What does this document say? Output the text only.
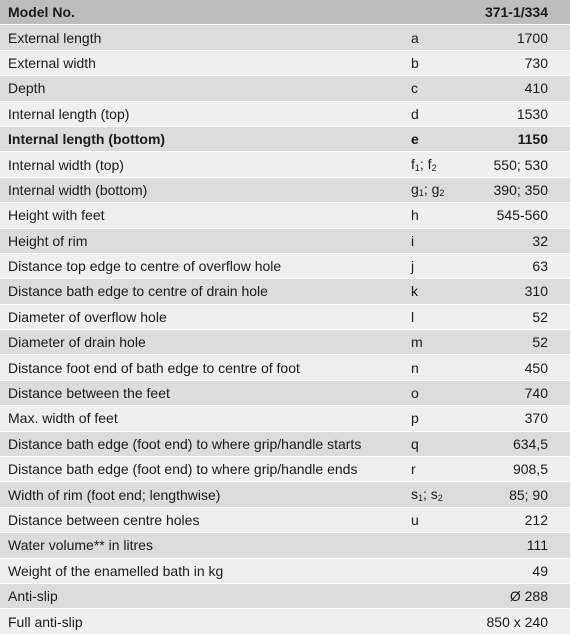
Model No.		371-1/334
External length	a	1700
External width	b	730
Depth	c	410
Internal length (top)	d	1530
Internal length (bottom)	e	1150
Internal width (top)	$f_1$; $f_2$	550; 530
Internal width (bottom)	$g_1$; $g_2$	390; 350
Height with feet	h	545-560
Height of rim	i	32
Distance top edge to centre of overflow hole	j	63
Distance bath edge to centre of drain hole	k	310
Diameter of overflow hole	l	52
Diameter of drain hole	m	52
Distance foot end of bath edge to centre of foot	n	450
Distance between the feet	o	740
Max. width of feet	p	370
Distance bath edge (foot end) to where grip/handle starts	q	634,5
Distance bath edge (foot end) to where grip/handle ends	r	908,5
Width of rim (foot end; lengthwise)	$s_1$; $s_2$	85; 90
Distance between centre holes	u	212
Water volume** in litres		111
Weight of the enamelled bath in kg		49
Anti-slip		Ø 288
Full anti-slip		850 x 240
